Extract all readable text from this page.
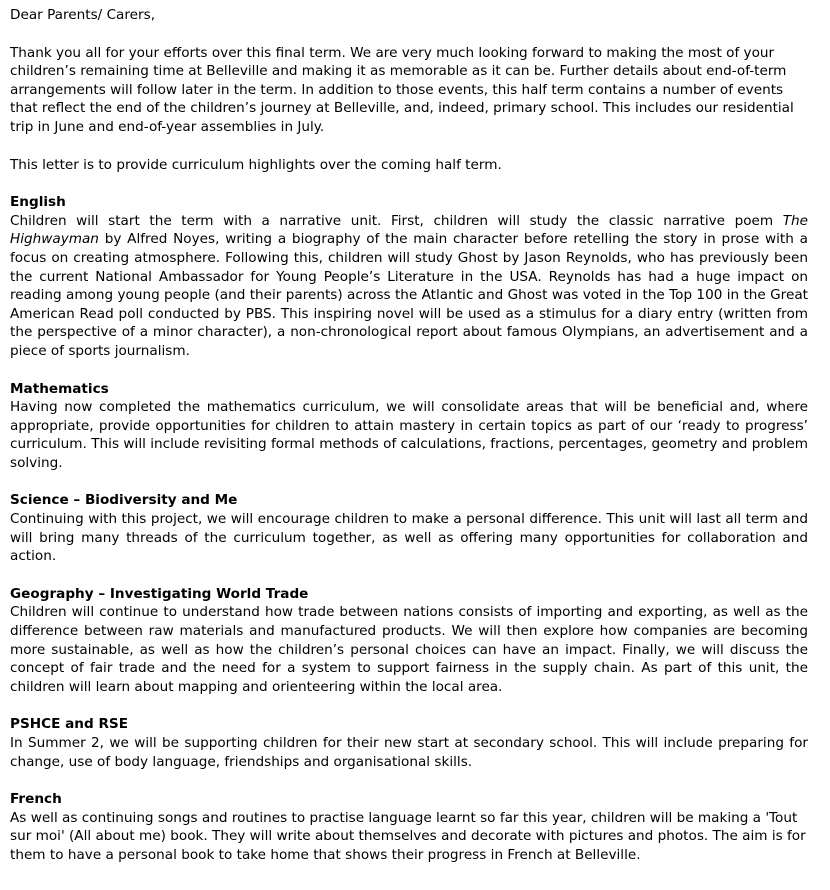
Dear Parents/ Carers,

Thank you all for your efforts over this final term. We are very much looking forward to making the most of your children’s remaining time at Belleville and making it as memorable as it can be. Further details about end-of-term arrangements will follow later in the term. In addition to those events, this half term contains a number of events that reflect the end of the children’s journey at Belleville, and, indeed, primary school. This includes our residential trip in June and end-of-year assemblies in July.

This letter is to provide curriculum highlights over the coming half term.

English

Children will start the term with a narrative unit. First, children will study the classic narrative poem The Highwayman by Alfred Noyes, writing a biography of the main character before retelling the story in prose with a focus on creating atmosphere. Following this, children will study Ghost by Jason Reynolds, who has previously been the current National Ambassador for Young People’s Literature in the USA. Reynolds has had a huge impact on reading among young people (and their parents) across the Atlantic and Ghost was voted in the Top 100 in the Great American Read poll conducted by PBS. This inspiring novel will be used as a stimulus for a diary entry (written from the perspective of a minor character), a non-chronological report about famous Olympians, an advertisement and a piece of sports journalism.

Mathematics

Having now completed the mathematics curriculum, we will consolidate areas that will be beneficial and, where appropriate, provide opportunities for children to attain mastery in certain topics as part of our ‘ready to progress’ curriculum. This will include revisiting formal methods of calculations, fractions, percentages, geometry and problem solving.

Science – Biodiversity and Me

Continuing with this project, we will encourage children to make a personal difference. This unit will last all term and will bring many threads of the curriculum together, as well as offering many opportunities for collaboration and action.

Geography – Investigating World Trade

Children will continue to understand how trade between nations consists of importing and exporting, as well as the difference between raw materials and manufactured products. We will then explore how companies are becoming more sustainable, as well as how the children’s personal choices can have an impact. Finally, we will discuss the concept of fair trade and the need for a system to support fairness in the supply chain. As part of this unit, the children will learn about mapping and orienteering within the local area.

PSHCE and RSE

In Summer 2, we will be supporting children for their new start at secondary school. This will include preparing for change, use of body language, friendships and organisational skills.

French

As well as continuing songs and routines to practise language learnt so far this year, children will be making a 'Tout sur moi' (All about me) book. They will write about themselves and decorate with pictures and photos. The aim is for them to have a personal book to take home that shows their progress in French at Belleville.
